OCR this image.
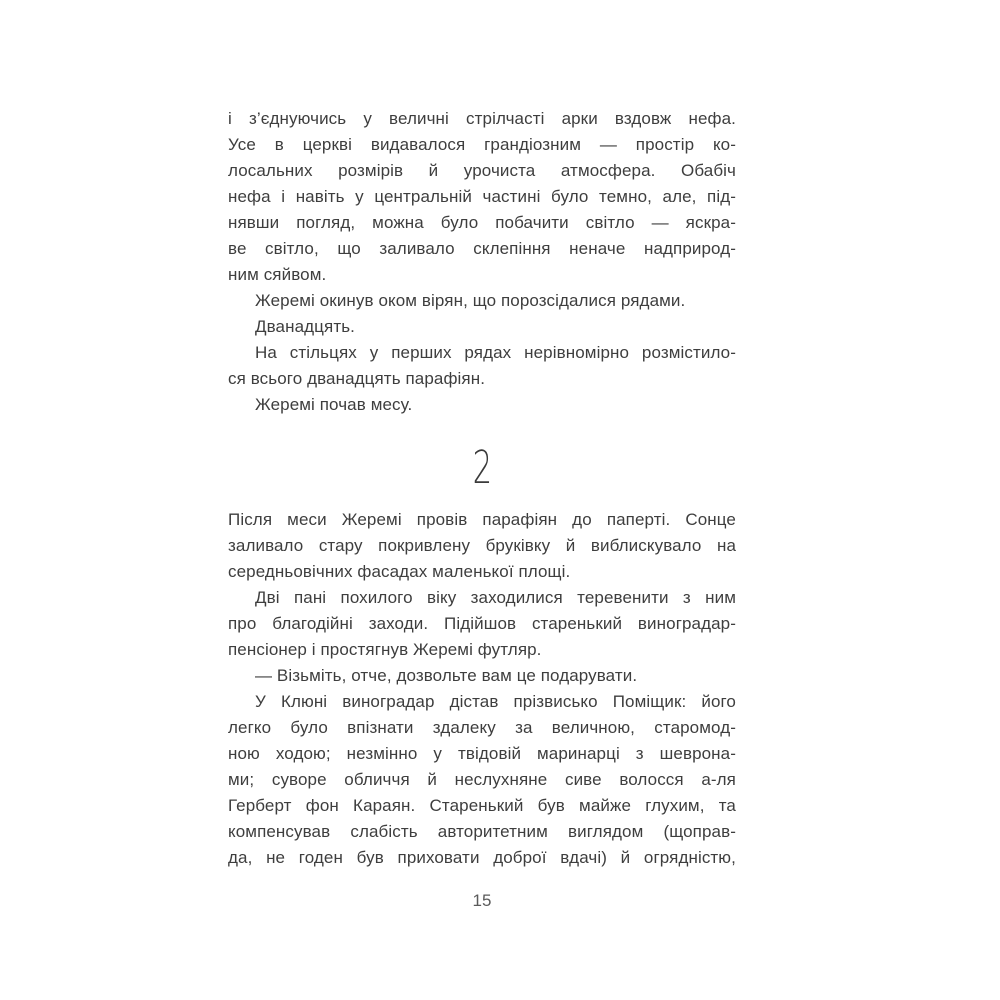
і з’єднуючись у величні стрілчасті арки вздовж нефа.
Усе в церкві видавалося грандіозним — простір ко-
лосальних розмірів й урочиста атмосфера. Обабіч
нефа і навіть у центральній частині було темно, але, під-
нявши погляд, можна було побачити світло — яскра-
ве світло, що заливало склепіння неначе надприрод-
ним сяйвом.
Жеремі окинув оком вірян, що порозсідалися рядами.
Дванадцять.
На стільцях у перших рядах нерівномірно розмістило-
ся всього дванадцять парафіян.
Жеремі почав месу.
2
Після меси Жеремі провів парафіян до паперті. Сонце
заливало стару покривлену бруківку й виблискувало на
середньовічних фасадах маленької площі.
Дві пані похилого віку заходилися теревенити з ним
про благодійні заходи. Підійшов старенький виноградар-
пенсіонер і простягнув Жеремі футляр.
— Візьміть, отче, дозвольте вам це подарувати.
У Клюні виноградар дістав прізвисько Поміщик: його
легко було впізнати здалеку за величною, старомод-
ною ходою; незмінно у твідовій маринарці з шеврона-
ми; суворе обличчя й неслухняне сиве волосся а-ля
Герберт фон Караян. Старенький був майже глухим, та
компенсував слабість авторитетним виглядом (щоправ-
да, не годен був приховати доброї вдачі) й огрядністю,
15
